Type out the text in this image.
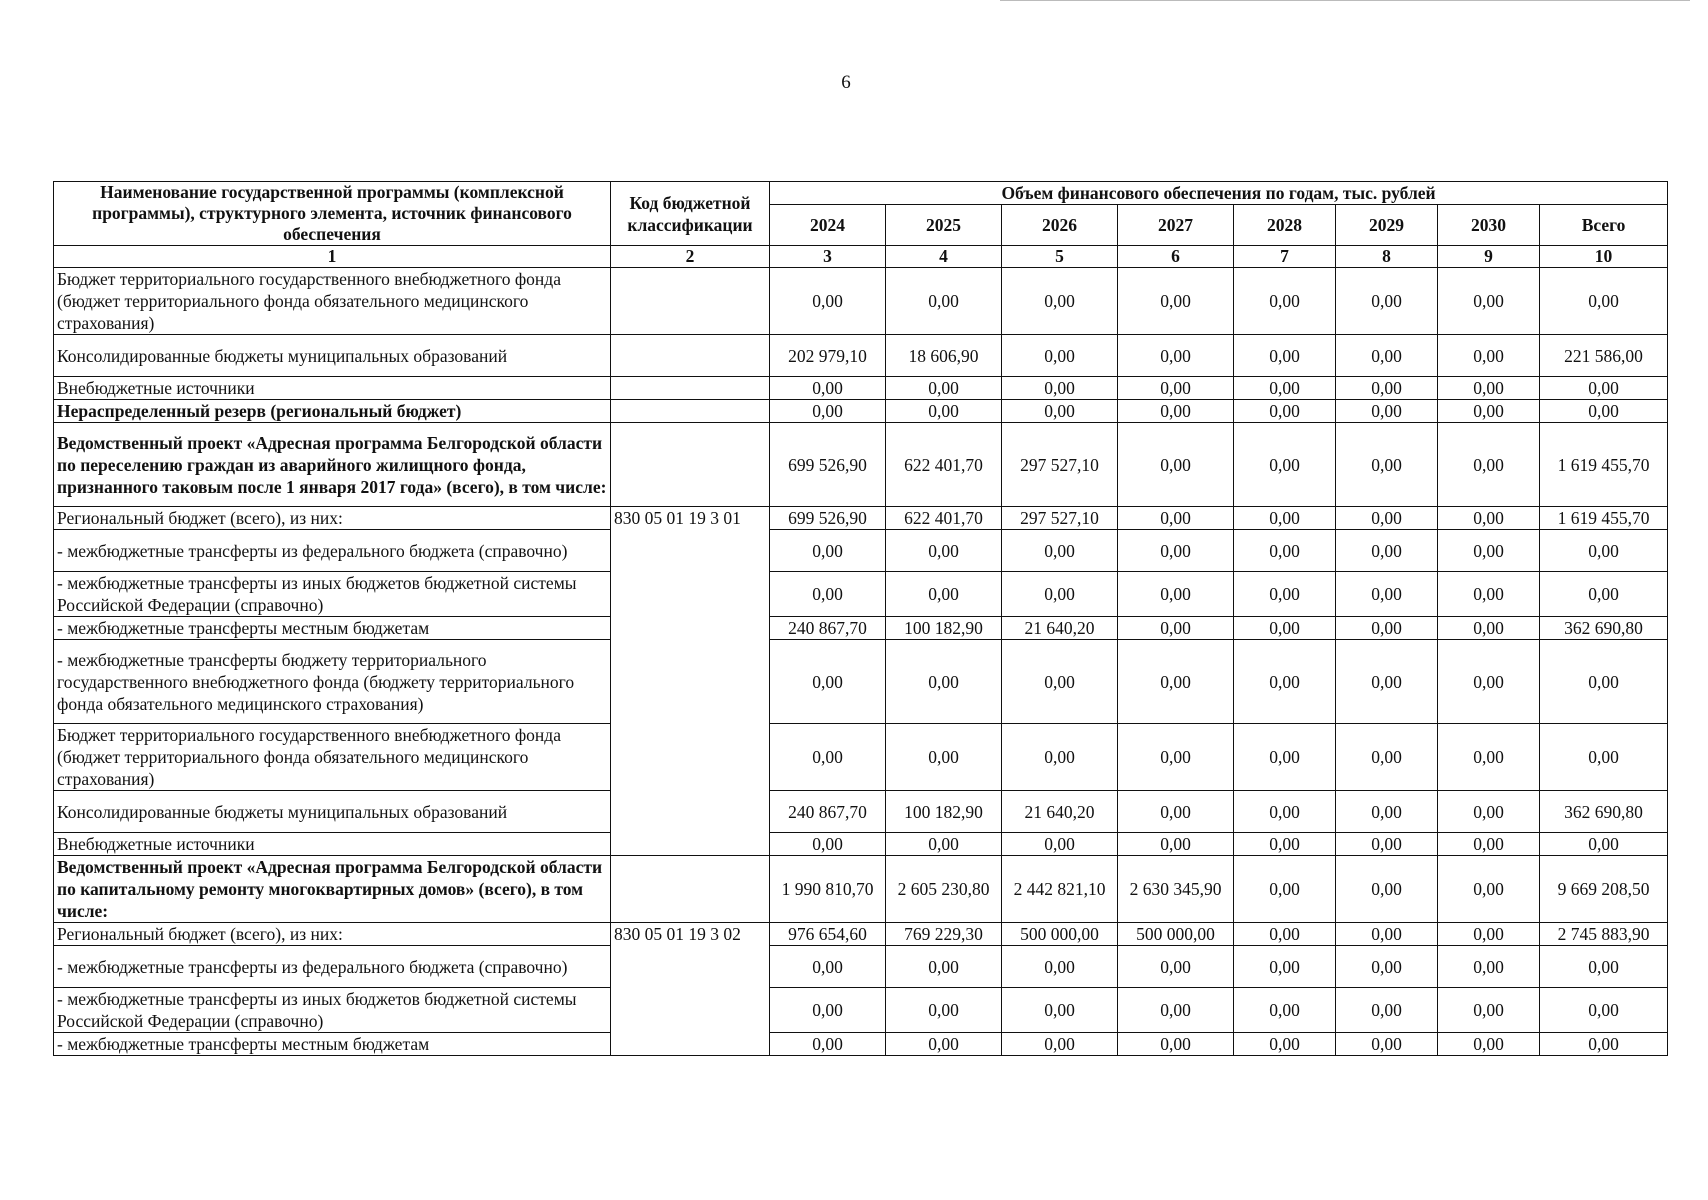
6
Наименование государственной программы (комплексной программы), структурного элемента, источник финансового обеспечения	Код бюджетной классификации	Объем финансового обеспечения по годам, тыс. рублей							
		2024	2025	2026	2027	2028	2029	2030	Всего
1	2	3	4	5	6	7	8	9	10
Бюджет территориального государственного внебюджетного фонда (бюджет территориального фонда обязательного медицинского страхования)		0,00	0,00	0,00	0,00	0,00	0,00	0,00	0,00
Консолидированные бюджеты муниципальных образований		202 979,10	18 606,90	0,00	0,00	0,00	0,00	0,00	221 586,00
Внебюджетные источники		0,00	0,00	0,00	0,00	0,00	0,00	0,00	0,00
Нераспределенный резерв (региональный бюджет)		0,00	0,00	0,00	0,00	0,00	0,00	0,00	0,00
Ведомственный проект «Адресная программа Белгородской области по переселению граждан из аварийного жилищного фонда, признанного таковым после 1 января 2017 года» (всего), в том числе:		699 526,90	622 401,70	297 527,10	0,00	0,00	0,00	0,00	1 619 455,70
Региональный бюджет (всего), из них:	830 05 01 19 3 01	699 526,90	622 401,70	297 527,10	0,00	0,00	0,00	0,00	1 619 455,70
- межбюджетные трансферты из федерального бюджета (справочно)		0,00	0,00	0,00	0,00	0,00	0,00	0,00	0,00
- межбюджетные трансферты из иных бюджетов бюджетной системы Российской Федерации (справочно)		0,00	0,00	0,00	0,00	0,00	0,00	0,00	0,00
- межбюджетные трансферты местным бюджетам		240 867,70	100 182,90	21 640,20	0,00	0,00	0,00	0,00	362 690,80
- межбюджетные трансферты бюджету территориального государственного внебюджетного фонда (бюджету территориального фонда обязательного медицинского страхования)		0,00	0,00	0,00	0,00	0,00	0,00	0,00	0,00
Бюджет территориального государственного внебюджетного фонда (бюджет территориального фонда обязательного медицинского страхования)		0,00	0,00	0,00	0,00	0,00	0,00	0,00	0,00
Консолидированные бюджеты муниципальных образований		240 867,70	100 182,90	21 640,20	0,00	0,00	0,00	0,00	362 690,80
Внебюджетные источники		0,00	0,00	0,00	0,00	0,00	0,00	0,00	0,00
Ведомственный проект «Адресная программа Белгородской области по капитальному ремонту многоквартирных домов» (всего), в том числе:		1 990 810,70	2 605 230,80	2 442 821,10	2 630 345,90	0,00	0,00	0,00	9 669 208,50
Региональный бюджет (всего), из них:	830 05 01 19 3 02	976 654,60	769 229,30	500 000,00	500 000,00	0,00	0,00	0,00	2 745 883,90
- межбюджетные трансферты из федерального бюджета (справочно)		0,00	0,00	0,00	0,00	0,00	0,00	0,00	0,00
- межбюджетные трансферты из иных бюджетов бюджетной системы Российской Федерации (справочно)		0,00	0,00	0,00	0,00	0,00	0,00	0,00	0,00
- межбюджетные трансферты местным бюджетам		0,00	0,00	0,00	0,00	0,00	0,00	0,00	0,00
